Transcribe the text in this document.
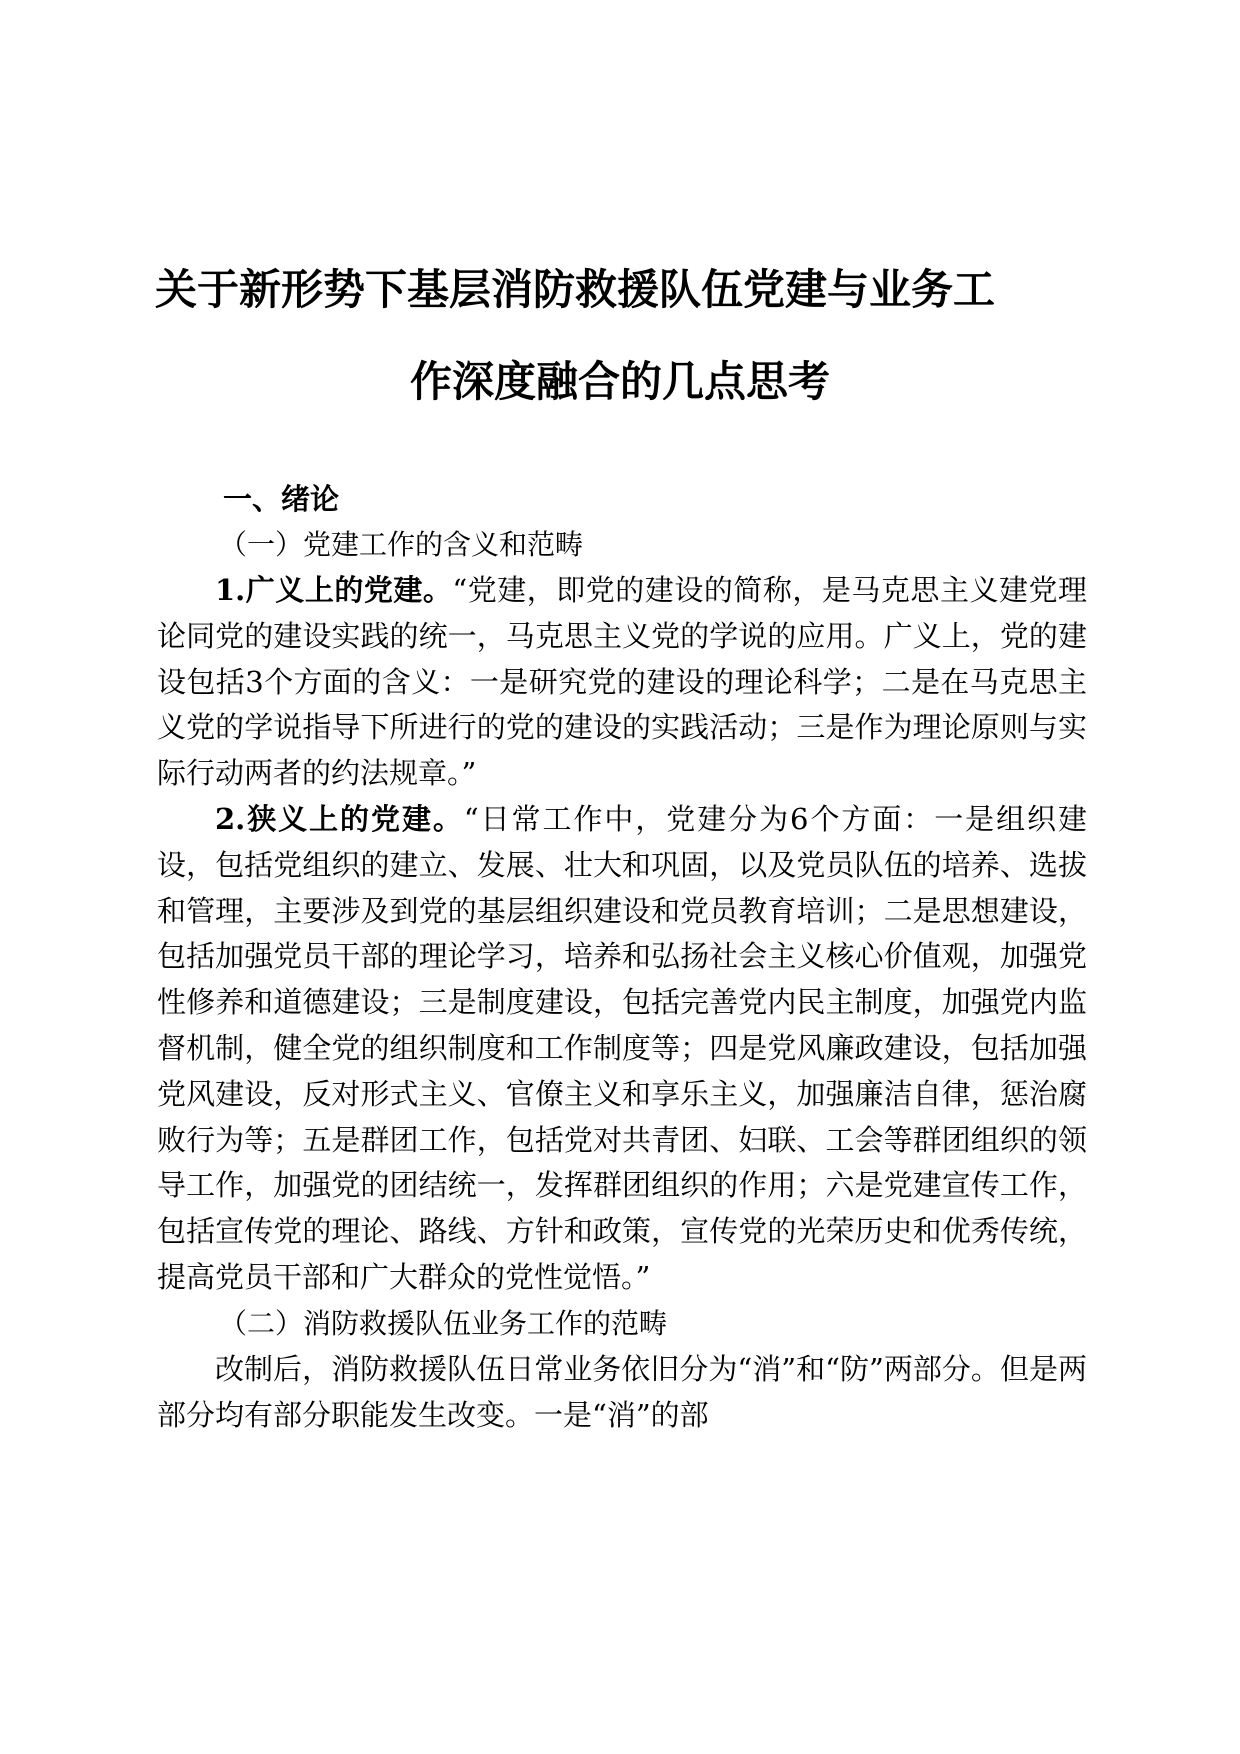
关于新形势下基层消防救援队伍党建与业务工
作深度融合的几点思考

一、绪论

（一）党建工作的含义和范畴

1.广义上的党建。“党建，即党的建设的简称，是马克思主义建党理论同党的建设实践的统一，马克思主义党的学说的应用。广义上，党的建设包括3个方面的含义：一是研究党的建设的理论科学；二是在马克思主义党的学说指导下所进行的党的建设的实践活动；三是作为理论原则与实际行动两者的约法规章。”

2.狭义上的党建。“日常工作中，党建分为6个方面：一是组织建设，包括党组织的建立、发展、壮大和巩固，以及党员队伍的培养、选拔和管理，主要涉及到党的基层组织建设和党员教育培训；二是思想建设，包括加强党员干部的理论学习，培养和弘扬社会主义核心价值观，加强党性修养和道德建设；三是制度建设，包括完善党内民主制度，加强党内监督机制，健全党的组织制度和工作制度等；四是党风廉政建设，包括加强党风建设，反对形式主义、官僚主义和享乐主义，加强廉洁自律，惩治腐败行为等；五是群团工作，包括党对共青团、妇联、工会等群团组织的领导工作，加强党的团结统一，发挥群团组织的作用；六是党建宣传工作，包括宣传党的理论、路线、方针和政策，宣传党的光荣历史和优秀传统，提高党员干部和广大群众的党性觉悟。”

（二）消防救援队伍业务工作的范畴

改制后，消防救援队伍日常业务依旧分为“消”和“防”两部分。但是两部分均有部分职能发生改变。一是“消”的部
